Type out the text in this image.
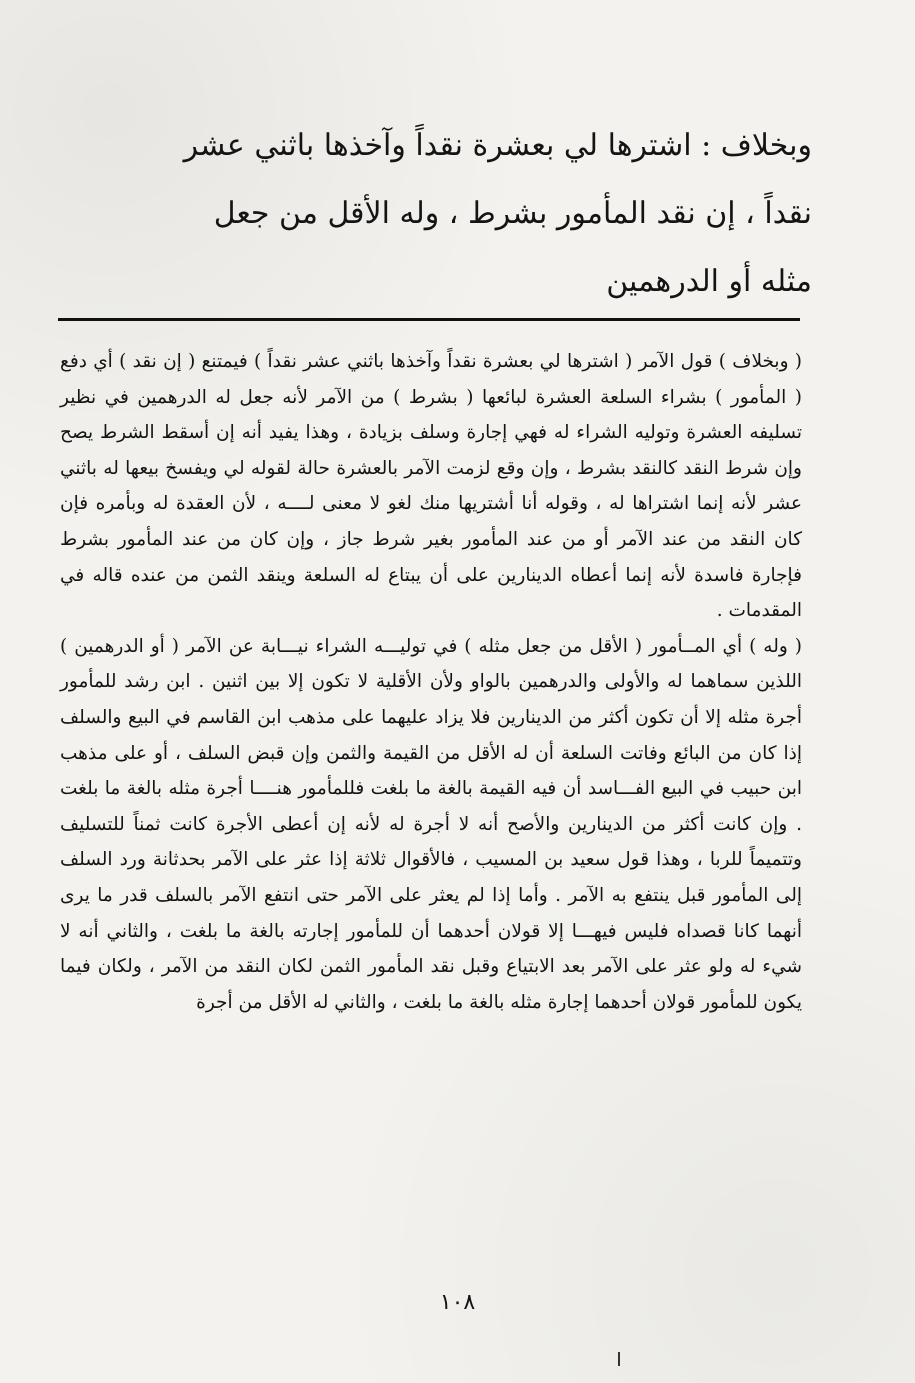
وبخلاف : اشترها لي بعشرة نقداً وآخذها باثني عشر
نقداً ، إن نقد المأمور بشرط ، وله الأقل من جعل
مثله أو الدرهمين

( وبخلاف ) قول الآمر ( اشترها لي بعشرة نقداً وآخذها باثني عشر نقداً ) فيمتنع ( إن نقد ) أي دفع ( المأمور ) بشراء السلعة العشرة لبائعها ( بشرط ) من الآمر لأنه جعل له الدرهمين في نظير تسليفه العشرة وتوليه الشراء له فهي إجارة وسلف بزيادة ، وهذا يفيد أنه إن أسقط الشرط يصح وإن شرط النقد كالنقد بشرط ، وإن وقع لزمت الآمر بالعشرة حالة لقوله لي ويفسخ بيعها له باثني عشر لأنه إنما اشتراها له ، وقوله أنا أشتريها منك لغو لا معنى لــــه ، لأن العقدة له وبأمره فإن كان النقد من عند الآمر أو من عند المأمور بغير شرط جاز ، وإن كان من عند المأمور بشرط فإجارة فاسدة لأنه إنما أعطاه الدينارين على أن يبتاع له السلعة وينقد الثمن من عنده قاله في المقدمات .

( وله ) أي المــأمور ( الأقل من جعل مثله ) في توليـــه الشراء نيـــابة عن الآمر ( أو الدرهمين ) اللذين سماهما له والأولى والدرهمين بالواو ولأن الأقلية لا تكون إلا بين اثنين . ابن رشد للمأمور أجرة مثله إلا أن تكون أكثر من الدينارين فلا يزاد عليهما على مذهب ابن القاسم في البيع والسلف إذا كان من البائع وفاتت السلعة أن له الأقل من القيمة والثمن وإن قبض السلف ، أو على مذهب ابن حبيب في البيع الفـــاسد أن فيه القيمة بالغة ما بلغت فللمأمور هنــــا أجرة مثله بالغة ما بلغت . وإن كانت أكثر من الدينارين والأصح أنه لا أجرة له لأنه إن أعطى الأجرة كانت ثمناً للتسليف وتتميماً للربا ، وهذا قول سعيد بن المسيب ، فالأقوال ثلاثة إذا عثر على الآمر بحدثانة ورد السلف إلى المأمور قبل ينتفع به الآمر . وأما إذا لم يعثر على الآمر حتى انتفع الآمر بالسلف قدر ما يرى أنهما كانا قصداه فليس فيهـــا إلا قولان أحدهما أن للمأمور إجارته بالغة ما بلغت ، والثاني أنه لا شيء له ولو عثر على الآمر بعد الابتياع وقبل نقد المأمور الثمن لكان النقد من الآمر ، ولكان فيما يكون للمأمور قولان أحدهما إجارة مثله بالغة ما بلغت ، والثاني له الأقل من أجرة

١٠٨
